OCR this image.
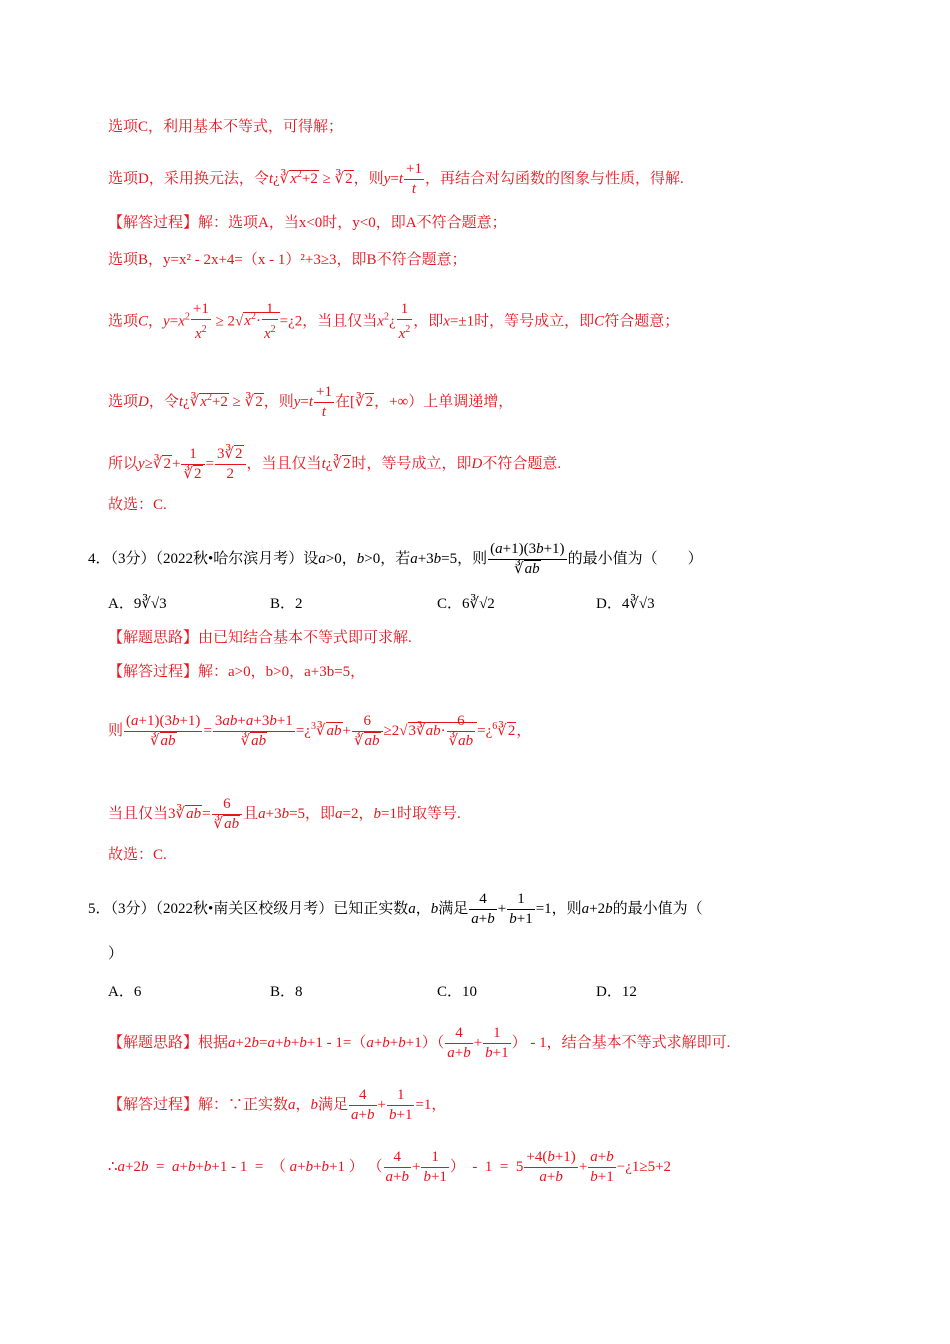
选项C，利用基本不等式，可得解；
选项D，采用换元法，令$t¿∛x^2+2$ ≥ ∛2，则$y=t \frac{+1}{t}$ ，再结合对勾函数的图象与性质，得解.
【解答过程】解：选项A，当x<0时，y<0，即A不符合题意；
选项B，y=x² - 2x+4=（x - 1）²+3≥3，即B不符合题意；
选项C，$y=x^2 \frac{+1}{x^2} \ge 2√x^2\cdot \frac{1}{x^2}$ =¿2，当且仅当$x^2¿ \frac{1}{x^2}$ ，即x=±1时，等号成立，即C符合题意；
选项D，令$t¿∛x^2+2$ ≥ ∛2，则$y=t \frac{+1}{t}$ 在[∛2，+∞）上单调递增，
所以y≥∛2+ $\frac{1}{∛2} = \frac{3∛2}{2}$ ，当且仅当t¿∛2时，等号成立，即D不符合题意.
故选：C.
4．（3分）（2022秋•哈尔滨月考）设a>0，b>0，若a+3b=5，则 $\frac{(a+1)(3b+1)}{∛ab}$ 的最小值为（　　）
A．9∛√3	B．2	C．6∛√2	D．4∛√3
【解题思路】由已知结合基本不等式即可求解.
【解答过程】解：a>0，b>0，a+3b=5，
则 $\frac{(a+1)(3b+1)}{∛ab} = \frac{3ab+a+3b+1}{∛ab}$ =¿$^3$∛ab+ $\frac{6}{∛ab}$ ≥2√3∛ab· $\frac{6}{∛ab}$ =¿$^6$∛2，
当且仅当3∛ab= $\frac{6}{∛ab}$ 且a+3b=5，即a=2，b=1时取等号.
故选：C.
5．（3分）（2022秋•南关区校级月考）已知正实数a，b满足 $\frac{4}{a+b} + \frac{1}{b+1} =1$，则a+2b的最小值为（
）
A．6	B．8	C．10	D．12
【解题思路】根据$a+2b=a+b+b+1 - 1=(a+b+b+1)( \frac{4}{a+b} + \frac{1}{b+1}$ ） - 1，结合基本不等式求解即可.
【解答过程】解：∵正实数a，b满足 $\frac{4}{a+b} + \frac{1}{b+1} =1$，
∴a+2b  =  a+b+b+1 - 1  =  （ a+b+b+1 ） （ $\frac{4}{a+b} + \frac{1}{b+1}$ ）  -  $1 = 5 \frac{+4(b+1)}{a+b} + \frac{a+b}{b+1}$ −¿1≥5+2
